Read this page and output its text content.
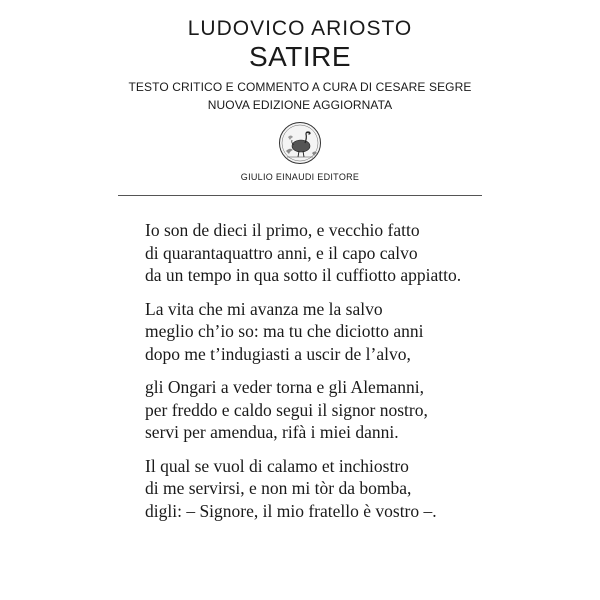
LUDOVICO ARIOSTO
SATIRE
TESTO CRITICO E COMMENTO A CURA DI CESARE SEGRE
NUOVA EDIZIONE AGGIORNATA
GIULIO EINAUDI EDITORE
Io son de dieci il primo, e vecchio fatto
di quarantaquattro anni, e il capo calvo
da un tempo in qua sotto il cuffiotto appiatto.
La vita che mi avanza me la salvo
meglio ch’io so: ma tu che diciotto anni
dopo me t’indugiasti a uscir de l’alvo,
gli Ongari a veder torna e gli Alemanni,
per freddo e caldo segui il signor nostro,
servi per amendua, rifà i miei danni.
Il qual se vuol di calamo et inchiostro
di me servirsi, e non mi tòr da bomba,
digli: – Signore, il mio fratello è vostro –.
